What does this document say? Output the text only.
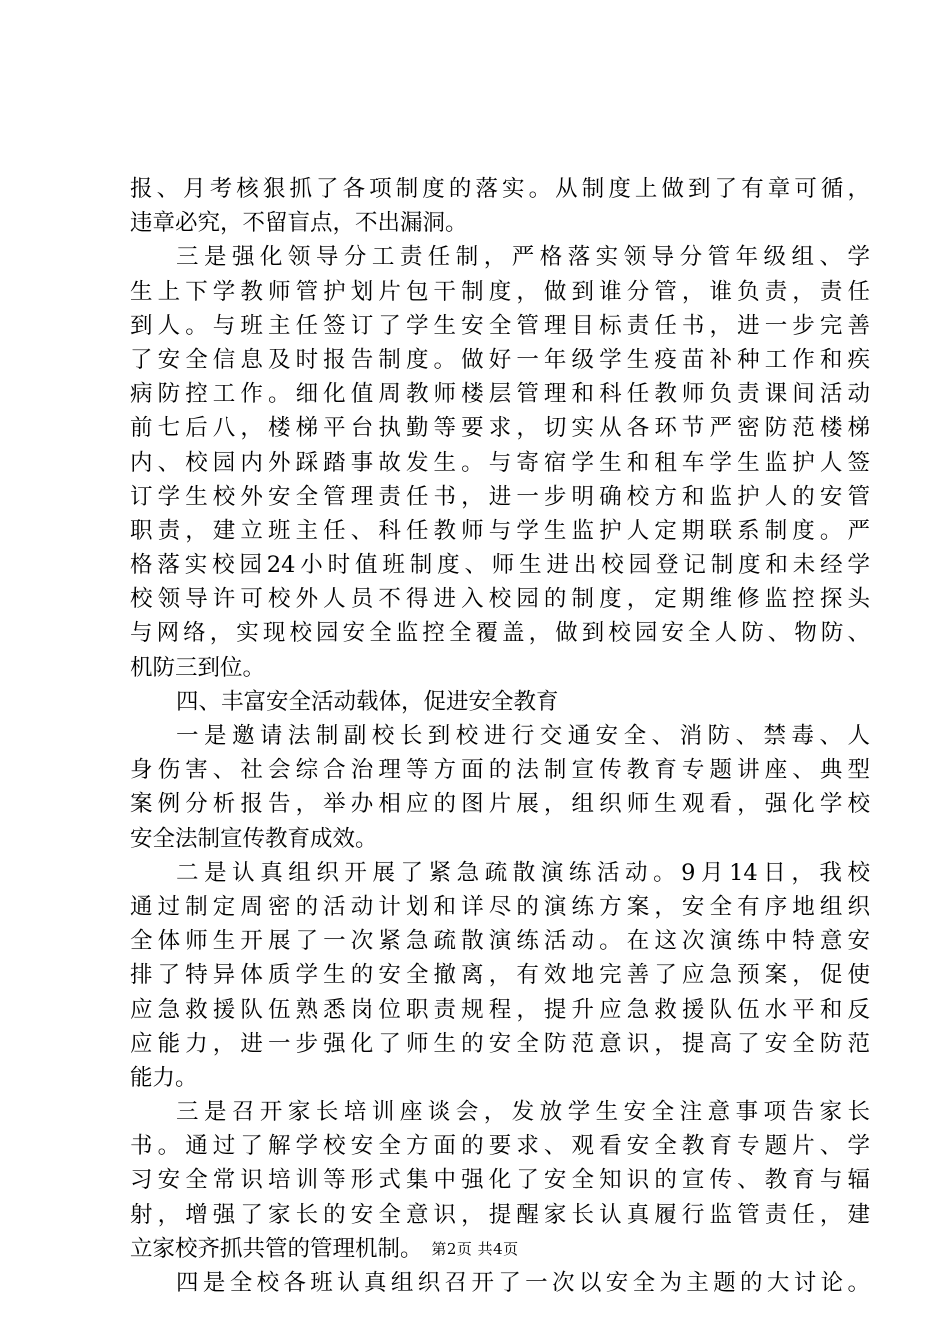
报、月考核狠抓了各项制度的落实。从制度上做到了有章可循，
违章必究，不留盲点，不出漏洞。
三是强化领导分工责任制，严格落实领导分管年级组、学
生上下学教师管护划片包干制度，做到谁分管，谁负责，责任
到人。与班主任签订了学生安全管理目标责任书，进一步完善
了安全信息及时报告制度。做好一年级学生疫苗补种工作和疾
病防控工作。细化值周教师楼层管理和科任教师负责课间活动
前七后八，楼梯平台执勤等要求，切实从各环节严密防范楼梯
内、校园内外踩踏事故发生。与寄宿学生和租车学生监护人签
订学生校外安全管理责任书，进一步明确校方和监护人的安管
职责，建立班主任、科任教师与学生监护人定期联系制度。严
格落实校园24小时值班制度、师生进出校园登记制度和未经学
校领导许可校外人员不得进入校园的制度，定期维修监控探头
与网络，实现校园安全监控全覆盖，做到校园安全人防、物防、
机防三到位。
四、丰富安全活动载体，促进安全教育
一是邀请法制副校长到校进行交通安全、消防、禁毒、人
身伤害、社会综合治理等方面的法制宣传教育专题讲座、典型
案例分析报告，举办相应的图片展，组织师生观看，强化学校
安全法制宣传教育成效。
二是认真组织开展了紧急疏散演练活动。9月14日，我校
通过制定周密的活动计划和详尽的演练方案，安全有序地组织
全体师生开展了一次紧急疏散演练活动。在这次演练中特意安
排了特异体质学生的安全撤离，有效地完善了应急预案，促使
应急救援队伍熟悉岗位职责规程，提升应急救援队伍水平和反
应能力，进一步强化了师生的安全防范意识，提高了安全防范
能力。
三是召开家长培训座谈会，发放学生安全注意事项告家长
书。通过了解学校安全方面的要求、观看安全教育专题片、学
习安全常识培训等形式集中强化了安全知识的宣传、教育与辐
射，增强了家长的安全意识，提醒家长认真履行监管责任，建
立家校齐抓共管的管理机制。
四是全校各班认真组织召开了一次以安全为主题的大讨论。
第2页 共4页
